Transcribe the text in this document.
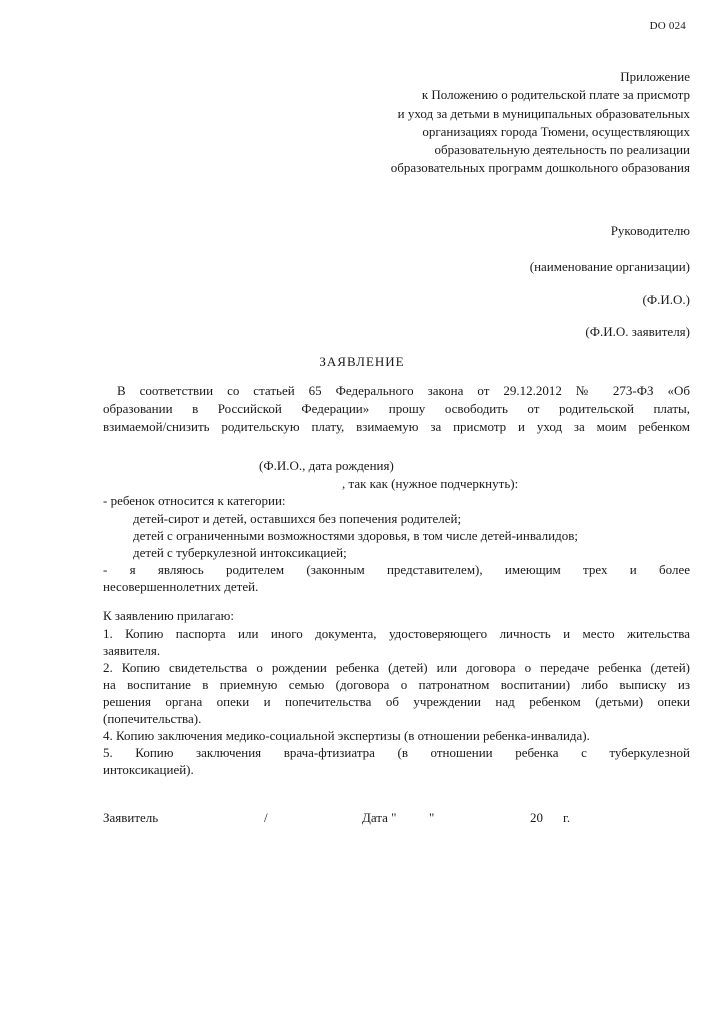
DO 024
Приложение
к Положению о родительской плате за присмотр
и уход за детьми в муниципальных образовательных
организациях города Тюмени, осуществляющих
образовательную деятельность по реализации
образовательных программ дошкольного образования
Руководителю
(наименование организации)
(Ф.И.О.)
(Ф.И.О. заявителя)
ЗАЯВЛЕНИЕ
В соответствии со статьей 65 Федерального закона от 29.12.2012 № 273-ФЗ «Об
образовании в Российской Федерации» прошу освободить от родительской платы,
взимаемой/снизить родительскую плату, взимаемую за присмотр и уход за моим ребенком
(Ф.И.О., дата рождения)
, так как (нужное подчеркнуть):
- ребенок относится к категории:
детей-сирот и детей, оставшихся без попечения родителей;
детей с ограниченными возможностями здоровья, в том числе детей-инвалидов;
детей с туберкулезной интоксикацией;
- я являюсь родителем (законным представителем), имеющим трех и более
несовершеннолетних детей.
К заявлению прилагаю:
1. Копию паспорта или иного документа, удостоверяющего личность и место жительства
заявителя.
2. Копию свидетельства о рождении ребенка (детей) или договора о передаче ребенка (детей)
на воспитание в приемную семью (договора о патронатном воспитании) либо выписку из
решения органа опеки и попечительства об учреждении над ребенком (детьми) опеки
(попечительства).
4. Копию заключения медико-социальной экспертизы (в отношении ребенка-инвалида).
5. Копию заключения врача-фтизиатра (в отношении ребенка с туберкулезной
интоксикацией).
Заявитель	/	Дата "	"	20 г.
